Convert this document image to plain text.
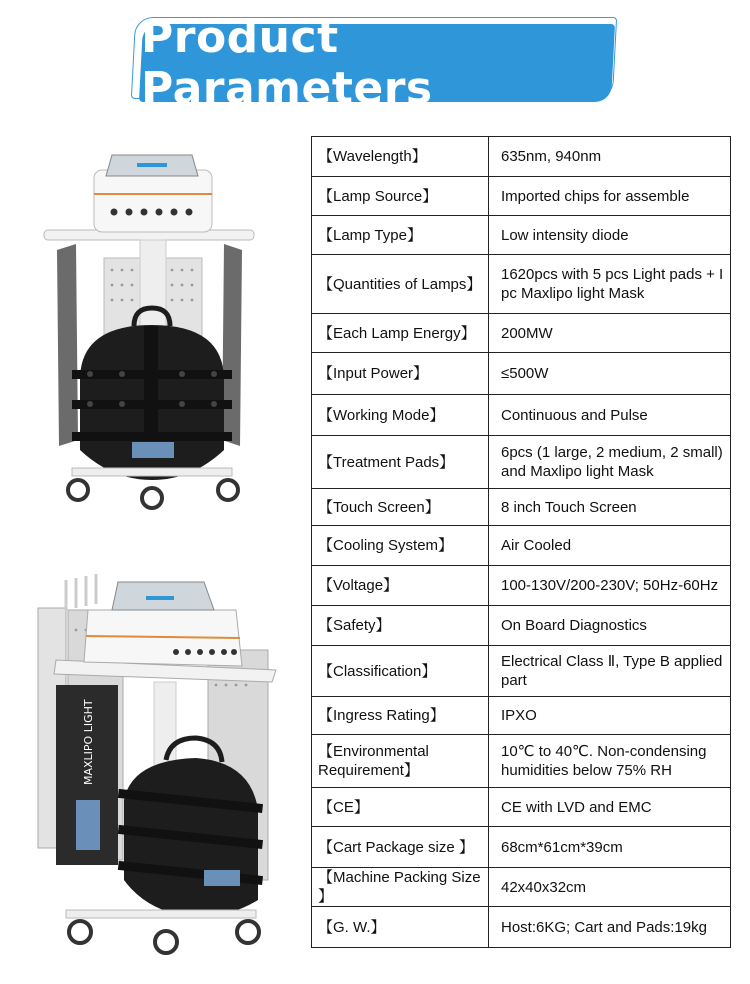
Product Parameters
MAXLIPO LIGHT
【Wavelength】	635nm, 940nm
【Lamp Source】	Imported chips for assemble
【Lamp Type】	Low intensity diode
【Quantities of Lamps】	1620pcs with 5 pcs Light pads + I pc Maxlipo light Mask
【Each Lamp Energy】	200MW
【Input Power】	≤500W
【Working Mode】	Continuous and Pulse
【Treatment Pads】	6pcs (1 large, 2 medium, 2 small) and Maxlipo light Mask
【Touch Screen】	8 inch Touch Screen
【Cooling System】	Air Cooled
【Voltage】	100-130V/200-230V; 50Hz-60Hz
【Safety】	On Board Diagnostics
【Classification】	Electrical Class Ⅱ, Type B applied part
【Ingress Rating】	IPXO
【Environmental Requirement】	10℃ to 40℃. Non-condensing humidities below 75% RH
【CE】	CE with LVD and EMC
【Cart Package size 】	68cm*61cm*39cm
【Machine Packing Size 】	42x40x32cm
【G. W.】	Host:6KG; Cart and Pads:19kg
